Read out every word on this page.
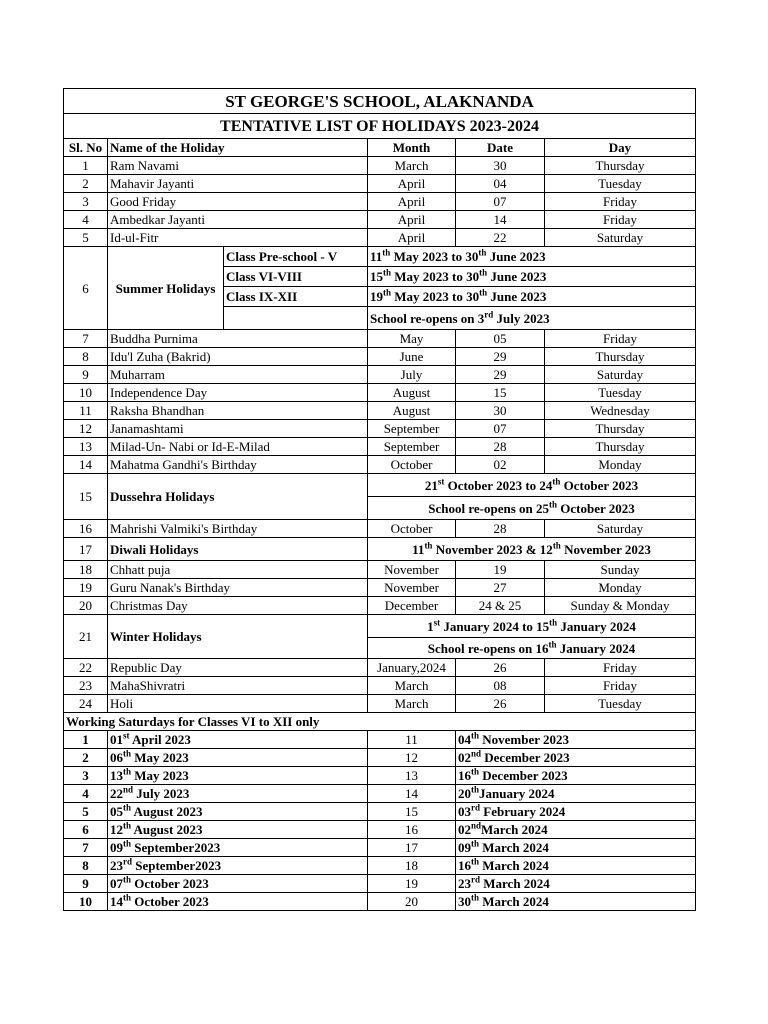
ST GEORGE'S SCHOOL, ALAKNANDA					
TENTATIVE LIST OF HOLIDAYS 2023-2024					
Sl. No	Name of the Holiday		Month	Date	Day
1	Ram Navami		March	30	Thursday
2	Mahavir Jayanti		April	04	Tuesday
3	Good Friday		April	07	Friday
4	Ambedkar Jayanti		April	14	Friday
5	Id-ul-Fitr		April	22	Saturday
6	Summer Holidays	Class Pre-school - V	11th May 2023 to 30th June 2023		
		Class VI-VIII	15th May 2023 to 30th June 2023		
		Class IX-XII	19th May 2023 to 30th June 2023		
			School re-opens on 3rd July 2023		
7	Buddha Purnima		May	05	Friday
8	Idu'l Zuha (Bakrid)		June	29	Thursday
9	Muharram		July	29	Saturday
10	Independence Day		August	15	Tuesday
11	Raksha Bhandhan		August	30	Wednesday
12	Janamashtami		September	07	Thursday
13	Milad-Un- Nabi or Id-E-Milad		September	28	Thursday
14	Mahatma Gandhi's Birthday		October	02	Monday
15	Dussehra Holidays		21st October 2023 to 24th October 2023		
			School re-opens on 25th October 2023		
16	Mahrishi Valmiki's Birthday		October	28	Saturday
17	Diwali Holidays		11th November 2023 & 12th November 2023		
18	Chhatt puja		November	19	Sunday
19	Guru Nanak's Birthday		November	27	Monday
20	Christmas Day		December	24 & 25	Sunday & Monday
21	Winter Holidays		1st January 2024 to 15th January 2024		
			School re-opens on 16th January 2024		
22	Republic Day		January,2024	26	Friday
23	MahaShivratri		March	08	Friday
24	Holi		March	26	Tuesday
Working Saturdays for Classes VI to XII only					
1	01st April 2023		11	04th November 2023	
2	06th May 2023		12	02nd December 2023	
3	13th May 2023		13	16th December 2023	
4	22nd July 2023		14	20thJanuary 2024	
5	05th August 2023		15	03rd February 2024	
6	12th August 2023		16	02ndMarch 2024	
7	09th September2023		17	09th March 2024	
8	23rd September2023		18	16th March 2024	
9	07th October 2023		19	23rd March 2024	
10	14th October 2023		20	30th March 2024	
